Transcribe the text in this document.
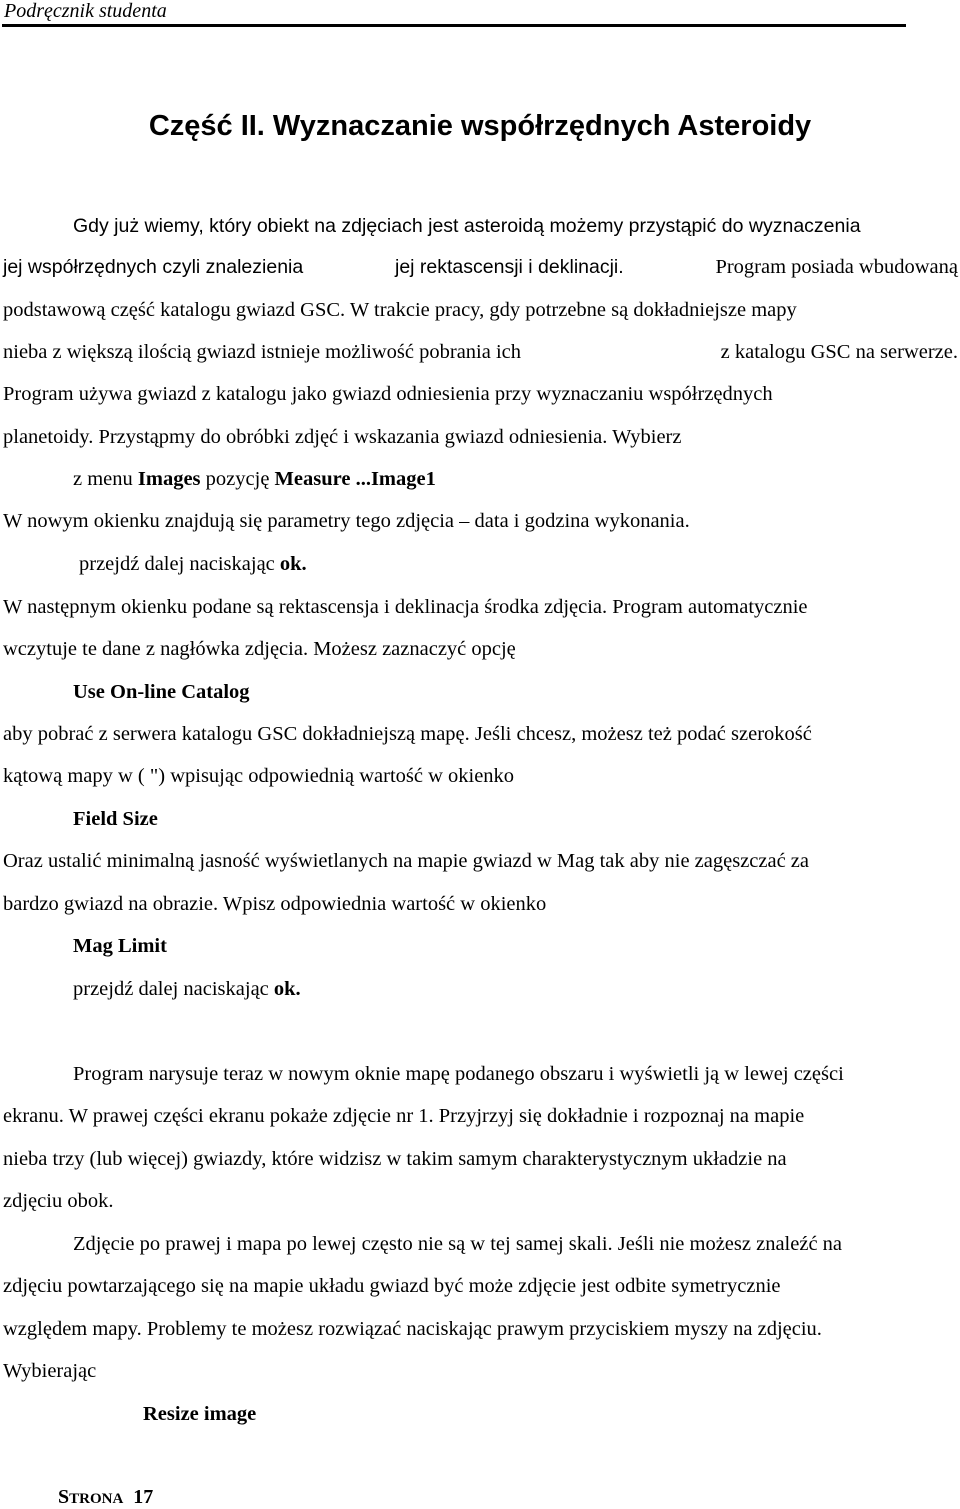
Podręcznik studenta
Część II. Wyznaczanie współrzędnych Asteroidy
Gdy już wiemy, który obiekt na zdjęciach jest asteroidą możemy przystąpić do wyznaczenia
jej współrzędnych czyli znalezienia	jej rektascensji i deklinacji.	Program posiada wbudowaną
podstawową część katalogu gwiazd GSC. W trakcie pracy, gdy potrzebne są dokładniejsze mapy
nieba z większą ilością gwiazd istnieje możliwość pobrania ich	z katalogu GSC na serwerze.
Program używa gwiazd z katalogu jako gwiazd odniesienia przy wyznaczaniu współrzędnych
planetoidy. Przystąpmy do obróbki zdjęć i wskazania gwiazd odniesienia. Wybierz
z menu Images pozycję Measure ...Image1
W nowym okienku znajdują się parametry tego zdjęcia – data i godzina wykonania.
przejdź dalej naciskając ok.
W następnym okienku podane są rektascensja i deklinacja środka zdjęcia. Program automatycznie
wczytuje te dane z nagłówka zdjęcia. Możesz zaznaczyć opcję
Use On-line Catalog
aby pobrać z serwera katalogu GSC dokładniejszą mapę. Jeśli chcesz, możesz też podać szerokość
kątową mapy w ( ") wpisując odpowiednią wartość w okienko
Field Size
Oraz ustalić minimalną jasność wyświetlanych na mapie gwiazd w Mag tak aby nie zagęszczać za
bardzo gwiazd na obrazie. Wpisz odpowiednia wartość w okienko
Mag Limit
przejdź dalej naciskając ok.
Program narysuje teraz w nowym oknie mapę podanego obszaru i wyświetli ją w lewej części
ekranu. W prawej części ekranu pokaże zdjęcie nr 1. Przyjrzyj się dokładnie i rozpoznaj na mapie
nieba trzy (lub więcej) gwiazdy, które widzisz w takim samym charakterystycznym układzie na
zdjęciu obok.
Zdjęcie po prawej i mapa po lewej często nie są w tej samej skali. Jeśli nie możesz znaleźć na
zdjęciu powtarzającego się na mapie układu gwiazd być może zdjęcie jest odbite symetrycznie
względem mapy. Problemy te możesz rozwiązać naciskając prawym przyciskiem myszy na zdjęciu.
Wybierając
Resize image
STRONA 17
